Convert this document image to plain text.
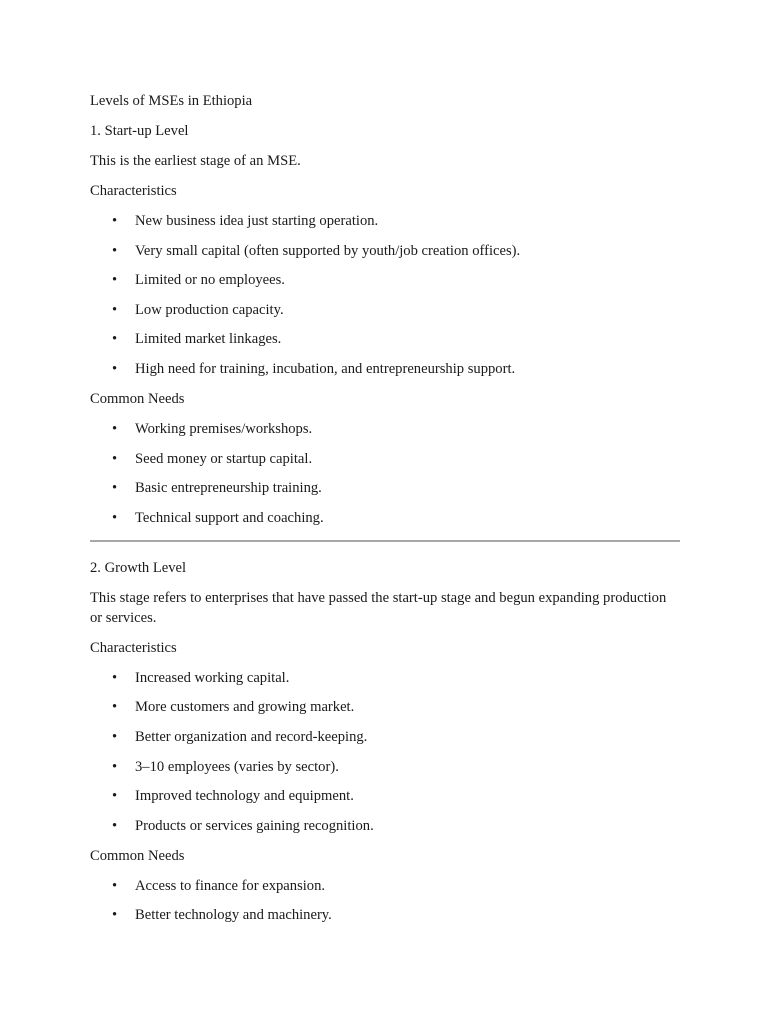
Levels of MSEs in Ethiopia

1. Start-up Level

This is the earliest stage of an MSE.

Characteristics

• New business idea just starting operation.
• Very small capital (often supported by youth/job creation offices).
• Limited or no employees.
• Low production capacity.
• Limited market linkages.
• High need for training, incubation, and entrepreneurship support.

Common Needs

• Working premises/workshops.
• Seed money or startup capital.
• Basic entrepreneurship training.
• Technical support and coaching.

2. Growth Level

This stage refers to enterprises that have passed the start-up stage and begun expanding production or services.

Characteristics

• Increased working capital.
• More customers and growing market.
• Better organization and record-keeping.
• 3–10 employees (varies by sector).
• Improved technology and equipment.
• Products or services gaining recognition.

Common Needs

• Access to finance for expansion.
• Better technology and machinery.
